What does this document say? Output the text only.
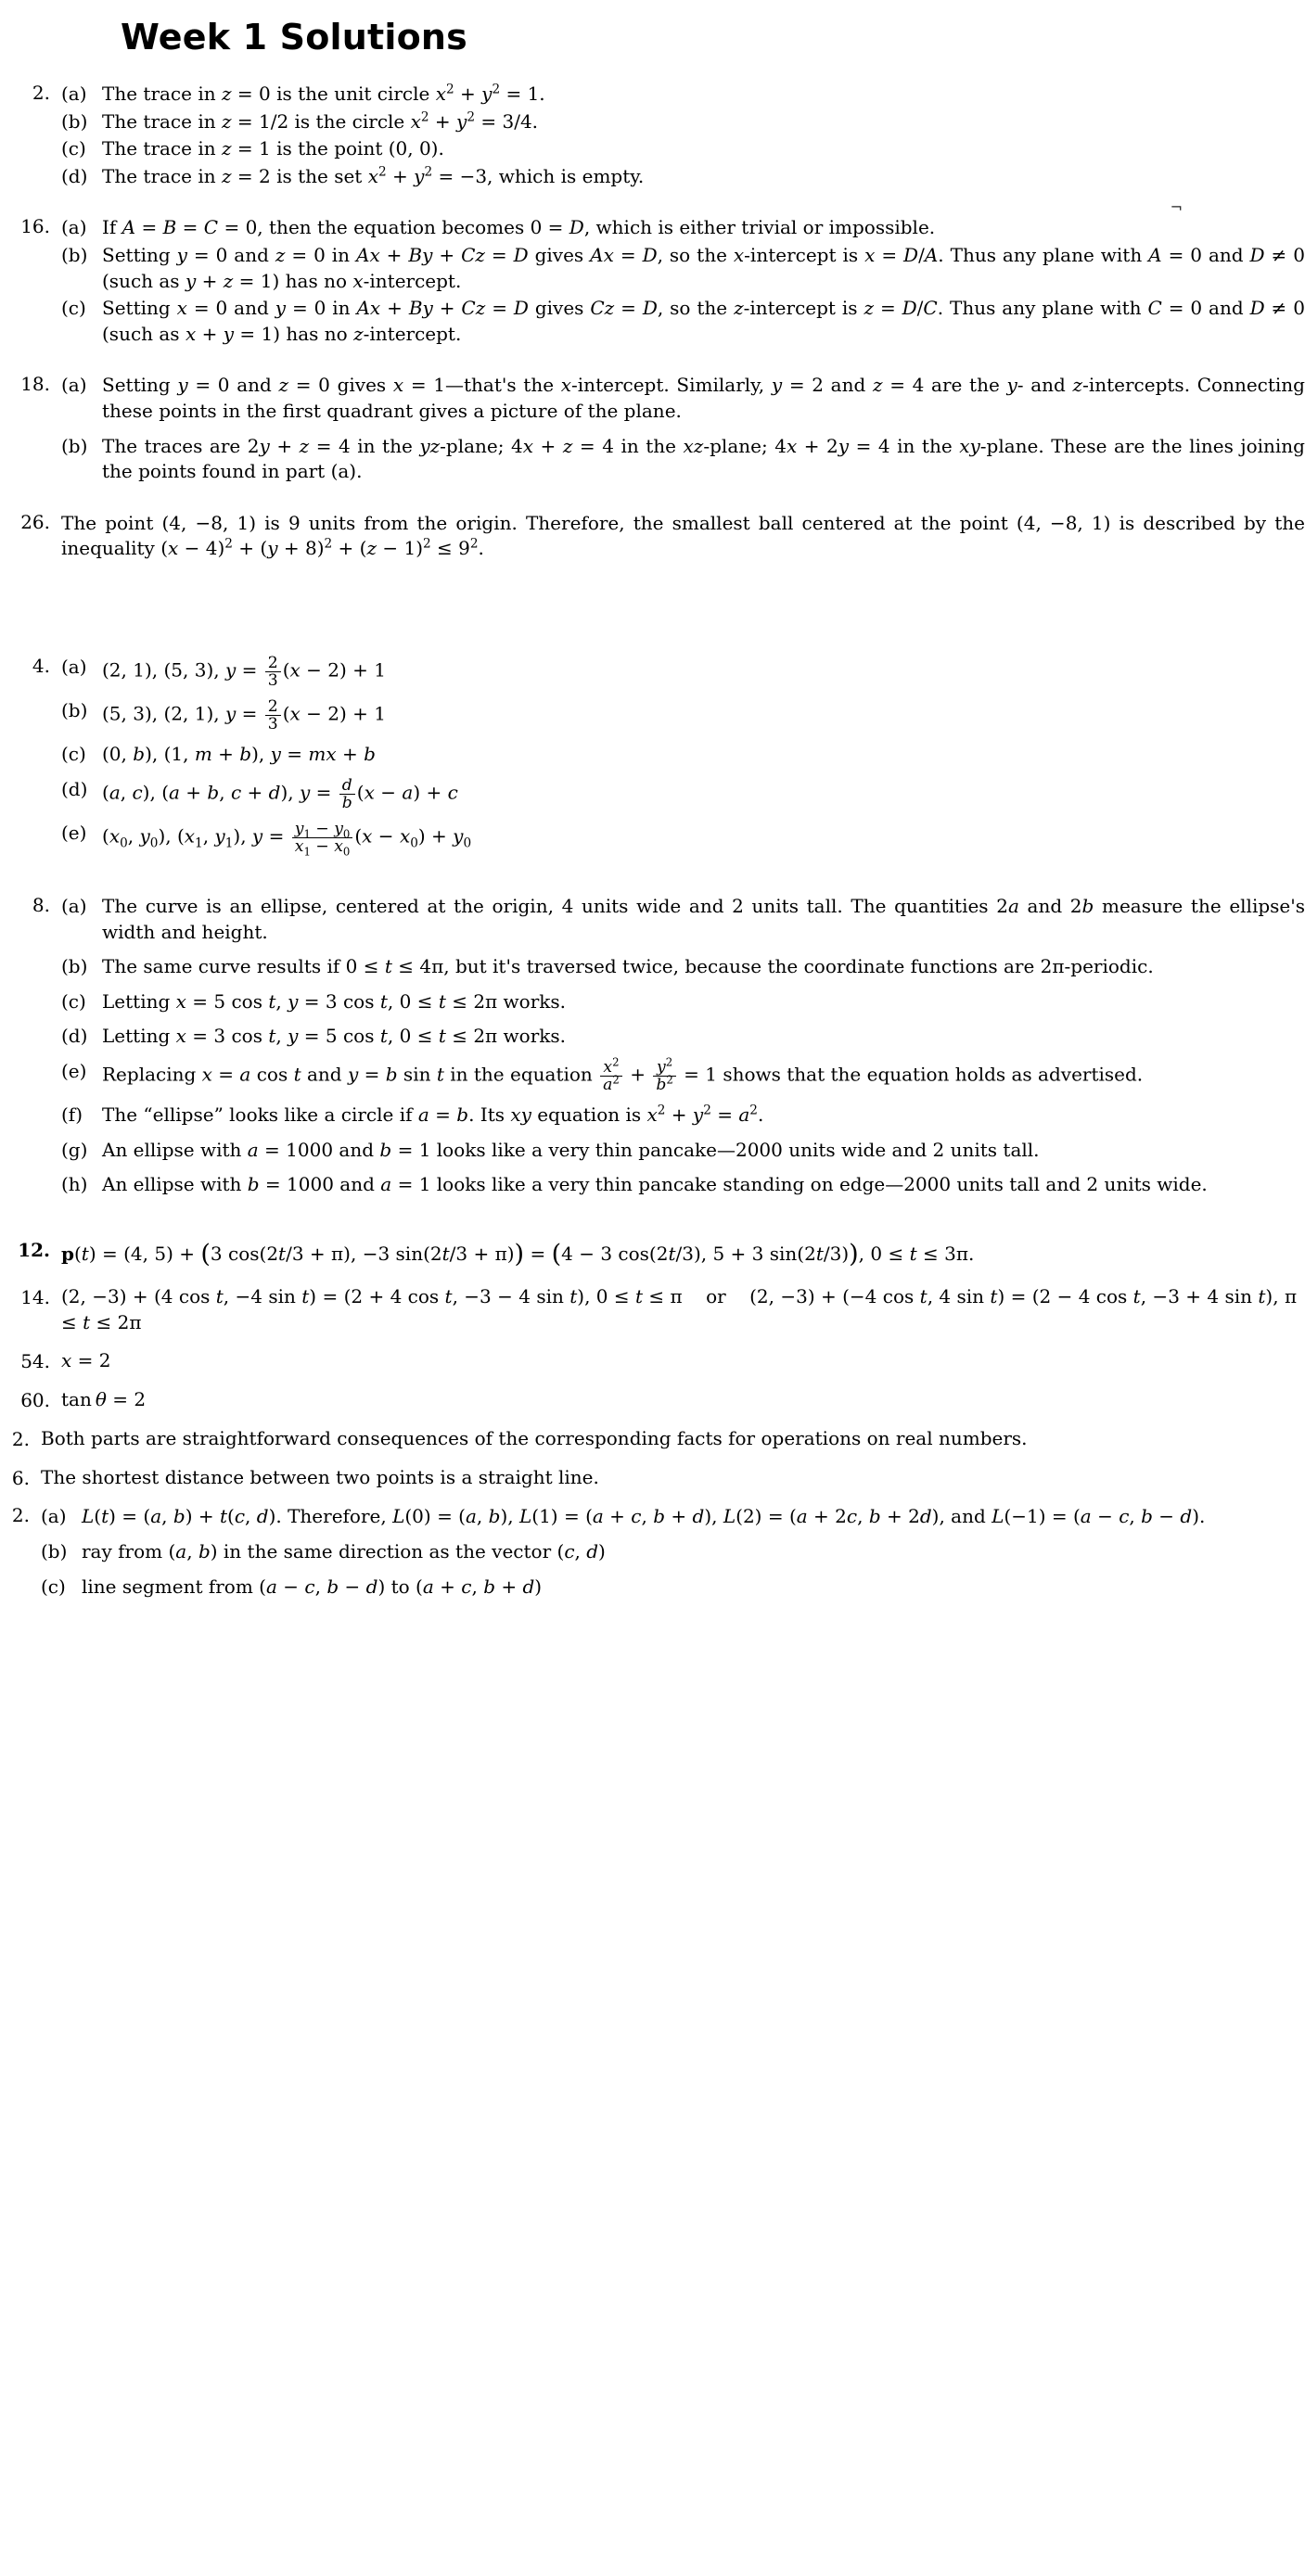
Week 1 Solutions
¬
2. (a) The trace in z = 0 is the unit circle $x^2 + y^2 = 1$.
(b) The trace in z = 1/2 is the circle $x^2 + y^2 = 3/4$.
(c) The trace in z = 1 is the point (0, 0).
(d) The trace in z = 2 is the set $x^2 + y^2 = -3$, which is empty.
16. (a) If A = B = C = 0, then the equation becomes 0 = D, which is either trivial or impossible.
(b) Setting y = 0 and z = 0 in Ax + By + Cz = D gives Ax = D, so the x-intercept is x = D/A. Thus any plane with A = 0 and D ≠ 0 (such as y + z = 1) has no x-intercept.
(c) Setting x = 0 and y = 0 in Ax + By + Cz = D gives Cz = D, so the z-intercept is z = D/C. Thus any plane with C = 0 and D ≠ 0 (such as x + y = 1) has no z-intercept.
18. (a) Setting y = 0 and z = 0 gives x = 1—that's the x-intercept. Similarly, y = 2 and z = 4 are the y- and z-intercepts. Connecting these points in the first quadrant gives a picture of the plane.
(b) The traces are 2y + z = 4 in the yz-plane; 4x + z = 4 in the xz-plane; 4x + 2y = 4 in the xy-plane. These are the lines joining the points found in part (a).
26. The point (4, −8, 1) is 9 units from the origin. Therefore, the smallest ball centered at the point (4, −8, 1) is described by the inequality $(x - 4)^2 + (y + 8)^2 + (z - 1)^2 \le 9^2$.
4. (a) (2, 1), (5, 3), $y = \frac{2}{3} (x - 2) + 1$
(b) (5, 3), (2, 1), $y = \frac{2}{3} (x - 2) + 1$
(c) (0, b), (1, m + b), y = mx + b
(d) (a, c), (a + b, c + d), $y = \frac{d}{b} (x - a) + c$
(e) ($x_0$, $y_0$), ($x_1$, $y_1$), $y = \frac{y_1 - y_0}{x_1 - x_0} (x - x_0) + y_0$
8. (a) The curve is an ellipse, centered at the origin, 4 units wide and 2 units tall. The quantities 2a and 2b measure the ellipse's width and height.
(b) The same curve results if 0 ≤ t ≤ 4π, but it's traversed twice, because the coordinate functions are 2π-periodic.
(c) Letting x = 5 cos t, y = 3 cos t, 0 ≤ t ≤ 2π works.
(d) Letting x = 3 cos t, y = 5 cos t, 0 ≤ t ≤ 2π works.
(e) Replacing x = a cos t and y = b sin t in the equation $\frac{x^2}{a^2} + \frac{y^2}{b^2} = 1$ shows that the equation holds as advertised.
(f)	The “ellipse” looks like a circle if a = b. Its xy equation is $x^2 + y^2 = a^2$.
(g) An ellipse with a = 1000 and b = 1 looks like a very thin pancake—2000 units wide and 2 units tall.
(h) An ellipse with b = 1000 and a = 1 looks like a very thin pancake standing on edge—2000 units tall and 2 units wide.
12. p(t) = (4, 5) + (3 cos(2t/3 + π), −3 sin(2t/3 + π)) = (4 − 3 cos(2t/3), 5 + 3 sin(2t/3)), 0 ≤ t ≤ 3π.
14. (2, −3) + (4 cos t, −4 sin t) = (2 + 4 cos t, −3 − 4 sin t), 0 ≤ t ≤ π    or    (2, −3) + (−4 cos t, 4 sin t) = (2 − 4 cos t, −3 + 4 sin t), π ≤ t ≤ 2π
54. x = 2
60. tan θ = 2
2. Both parts are straightforward consequences of the corresponding facts for operations on real numbers.
6. The shortest distance between two points is a straight line.
2. (a) L(t) = (a, b) + t(c, d). Therefore, L(0) = (a, b), L(1) = (a + c, b + d), L(2) = (a + 2c, b + 2d), and L(−1) = (a − c, b − d).
(b) ray from (a, b) in the same direction as the vector (c, d)
(c) line segment from (a − c, b − d) to (a + c, b + d)
